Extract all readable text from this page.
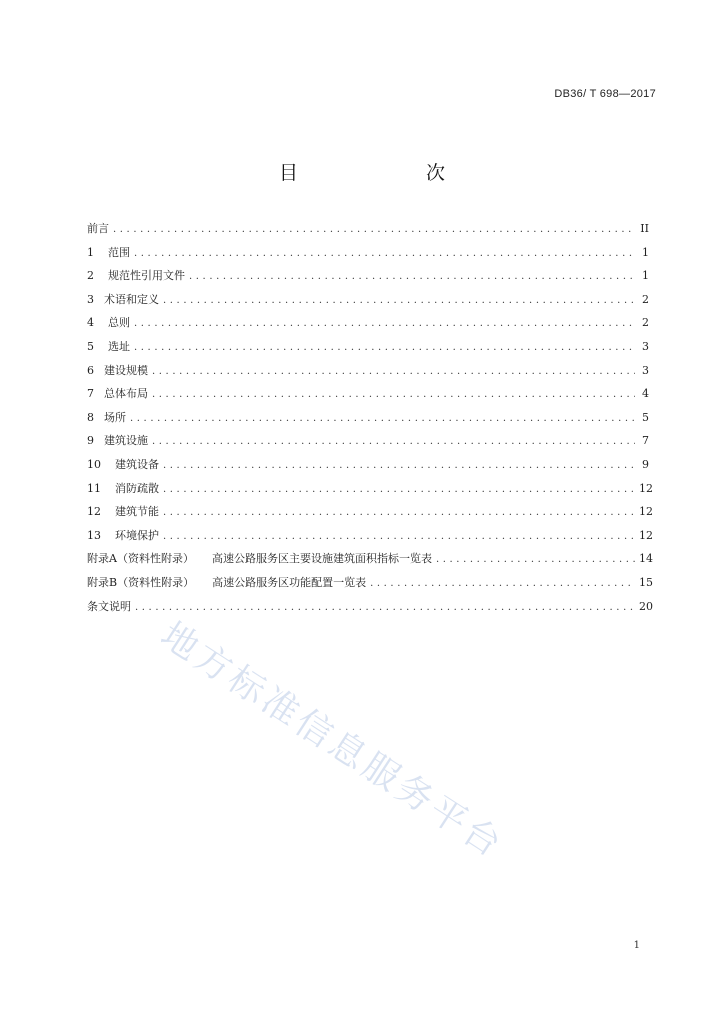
DB36/ T 698—2017
目　　次
前言 .....	II
1 范围 .....	1
2 规范性引用文件 .....	1
3 术语和定义 .....	2
4 总则 .....	2
5 选址 .....	3
6 建设规模 .....	3
7 总体布局 .....	4
8 场所 .....	5
9 建筑设施 .....	7
10 建筑设备 .....	9
11 消防疏散 .....	12
12 建筑节能 .....	12
13 环境保护 .....	12
附录A（资料性附录） 高速公路服务区主要设施建筑面积指标一览表 .....	14
附录B（资料性附录） 高速公路服务区功能配置一览表 .....	15
条文说明 .....	20
地方标准信息服务平台
1
